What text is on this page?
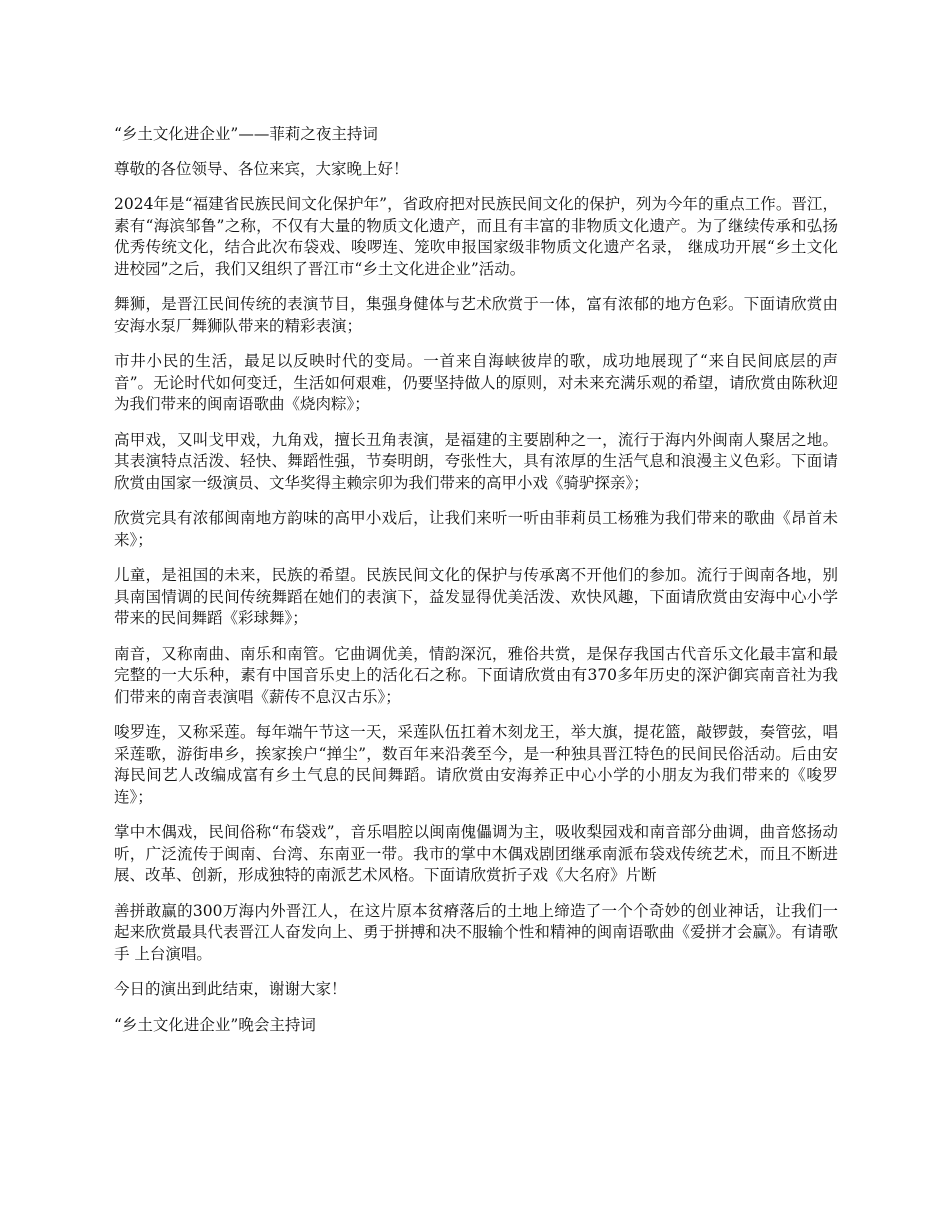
“乡土文化进企业”——菲莉之夜主持词

尊敬的各位领导、各位来宾，大家晚上好！

2024年是“福建省民族民间文化保护年”，省政府把对民族民间文化的保护，列为今年的重点工作。晋江，素有“海滨邹鲁”之称，不仅有大量的物质文化遗产，而且有丰富的非物质文化遗产。为了继续传承和弘扬优秀传统文化，结合此次布袋戏、唆啰连、笼吹申报国家级非物质文化遗产名录， 继成功开展“乡土文化进校园”之后，我们又组织了晋江市“乡土文化进企业”活动。

舞狮，是晋江民间传统的表演节目，集强身健体与艺术欣赏于一体，富有浓郁的地方色彩。下面请欣赏由安海水泵厂舞狮队带来的精彩表演；

市井小民的生活，最足以反映时代的变局。一首来自海峡彼岸的歌，成功地展现了“来自民间底层的声音”。无论时代如何变迁，生活如何艰难，仍要坚持做人的原则，对未来充满乐观的希望，请欣赏由陈秋迎为我们带来的闽南语歌曲《烧肉粽》；

高甲戏，又叫戈甲戏，九角戏，擅长丑角表演，是福建的主要剧种之一，流行于海内外闽南人聚居之地。其表演特点活泼、轻快、舞蹈性强，节奏明朗，夸张性大，具有浓厚的生活气息和浪漫主义色彩。下面请欣赏由国家一级演员、文华奖得主赖宗卯为我们带来的高甲小戏《骑驴探亲》；

欣赏完具有浓郁闽南地方韵味的高甲小戏后，让我们来听一听由菲莉员工杨雅为我们带来的歌曲《昂首未来》；

儿童，是祖国的未来，民族的希望。民族民间文化的保护与传承离不开他们的参加。流行于闽南各地，别具南国情调的民间传统舞蹈在她们的表演下，益发显得优美活泼、欢快风趣，下面请欣赏由安海中心小学带来的民间舞蹈《彩球舞》；

南音，又称南曲、南乐和南管。它曲调优美，情韵深沉，雅俗共赏，是保存我国古代音乐文化最丰富和最完整的一大乐种，素有中国音乐史上的活化石之称。下面请欣赏由有370多年历史的深沪御宾南音社为我们带来的南音表演唱《薪传不息汉古乐》；

唆罗连，又称采莲。每年端午节这一天，采莲队伍扛着木刻龙王，举大旗，提花篮，敲锣鼓，奏管弦，唱采莲歌，游街串乡，挨家挨户“掸尘”，数百年来沿袭至今，是一种独具晋江特色的民间民俗活动。后由安海民间艺人改编成富有乡土气息的民间舞蹈。请欣赏由安海养正中心小学的小朋友为我们带来的《唆罗连》；

掌中木偶戏，民间俗称“布袋戏”，音乐唱腔以闽南傀儡调为主，吸收梨园戏和南音部分曲调，曲音悠扬动听，广泛流传于闽南、台湾、东南亚一带。我市的掌中木偶戏剧团继承南派布袋戏传统艺术，而且不断进展、改革、创新，形成独特的南派艺术风格。下面请欣赏折子戏《大名府》片断

善拼敢赢的300万海内外晋江人，在这片原本贫瘠落后的土地上缔造了一个个奇妙的创业神话，让我们一起来欣赏最具代表晋江人奋发向上、勇于拼搏和决不服输个性和精神的闽南语歌曲《爱拼才会赢》。有请歌手 上台演唱。

今日的演出到此结束，谢谢大家！

“乡土文化进企业”晚会主持词
